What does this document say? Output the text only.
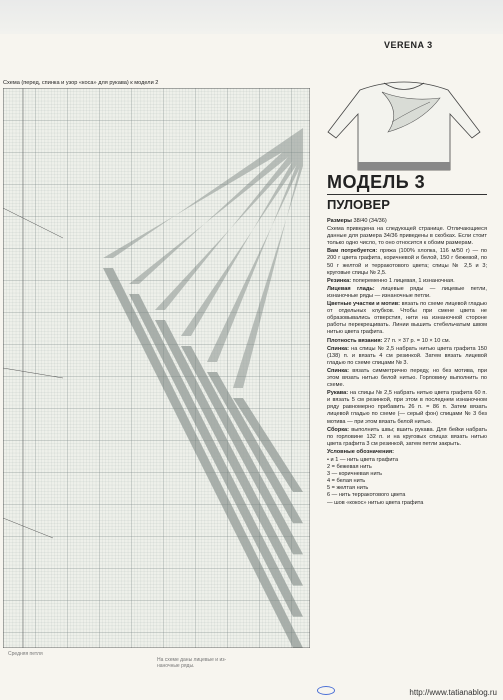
VERENA 3
Схема (перед, спинка и узор «коса» для рукава) к модели 2
Средняя петля
На схеме даны лицевые и из-
наночные ряды.
МОДЕЛЬ 3
ПУЛОВЕР
Размеры 38/40 (34/36)
Схема приведена на следующей странице. Отличающиеся данные для размера 34/36 приведены в скобках. Если стоит только одно число, то оно относится к обоим размерам.
Вам потребуется: пряжа (100% хлопка, 116 м/50 г) — по 200 г цвета графита, коричневой и белой, 150 г бежевой, по 50 г желтой и терракотового цвета; спицы № 2,5 и 3; круговые спицы № 2,5.
Резинка: попеременно 1 лицевая, 1 изнаночная.
Лицевая гладь: лицевые ряды — лицевые петли, изнаночные ряды — изнаночные петли.
Цветные участки и мотив: вязать по схеме лицевой гладью от отдельных клубков. Чтобы при смене цвета не образовывались отверстия, нити на изнаночной стороне работы перекрещивать. Линии вышить стебельчатым швом нитью цвета графита.
Плотность вязания: 27 п. × 37 р. = 10 × 10 см.
Спинка: на спицы № 2,5 набрать нитью цвета графита 150 (138) п. и вязать 4 см резинкой. Затем вязать лицевой гладью по схеме спицами № 3.
Спинка: вязать симметрично переду, но без мотива, при этом вязать нитью белой нитью. Горловину выполнить по схеме.
Рукава: на спицы № 2,5 набрать нитью цвета графита 60 п. и вязать 5 см резинкой, при этом в последнем изнаночном ряду равномерно прибавить 26 п. = 86 п. Затем вязать лицевой гладью по схеме (— серый фон) спицами № 3 без мотива — при этом вязать белой нитью.
Сборка: выполнить швы; вшить рукава. Для бейки набрать по горловине 132 п. и на круговых спицах вязать нитью цвета графита 3 см резинкой, затем петли закрыть.
Условные обозначения:
• и 1 — нить цвета графита
2 = бежевая нить
3 — коричневая нить
4 = белая нить
5 = желтая нить
6 — нить терракотового цвета
— шов «кокос» нитью цвета графита
http://www.tatianablog.ru
